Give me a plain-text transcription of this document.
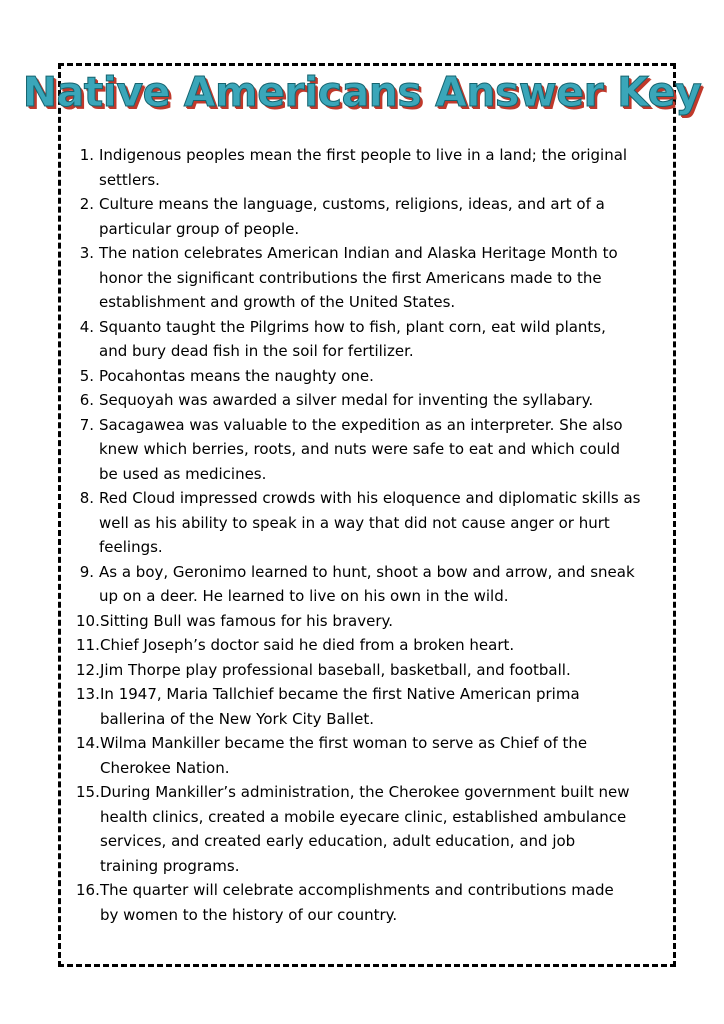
Native Americans Answer Key
1. Indigenous peoples mean the first people to live in a land; the original
settlers.
2. Culture means the language, customs, religions, ideas, and art of a
particular group of people.
3. The nation celebrates American Indian and Alaska Heritage Month to
honor the significant contributions the first Americans made to the
establishment and growth of the United States.
4. Squanto taught the Pilgrims how to fish, plant corn, eat wild plants,
and bury dead fish in the soil for fertilizer.
5. Pocahontas means the naughty one.
6. Sequoyah was awarded a silver medal for inventing the syllabary.
7. Sacagawea was valuable to the expedition as an interpreter. She also
knew which berries, roots, and nuts were safe to eat and which could
be used as medicines.
8. Red Cloud impressed crowds with his eloquence and diplomatic skills as
well as his ability to speak in a way that did not cause anger or hurt
feelings.
9. As a boy, Geronimo learned to hunt, shoot a bow and arrow, and sneak
up on a deer. He learned to live on his own in the wild.
10. Sitting Bull was famous for his bravery.
11. Chief Joseph’s doctor said he died from a broken heart.
12. Jim Thorpe play professional baseball, basketball, and football.
13. In 1947, Maria Tallchief became the first Native American prima
ballerina of the New York City Ballet.
14. Wilma Mankiller became the first woman to serve as Chief of the
Cherokee Nation.
15. During Mankiller’s administration, the Cherokee government built new
health clinics, created a mobile eyecare clinic, established ambulance
services, and created early education, adult education, and job
training programs.
16. The quarter will celebrate accomplishments and contributions made
by women to the history of our country.
